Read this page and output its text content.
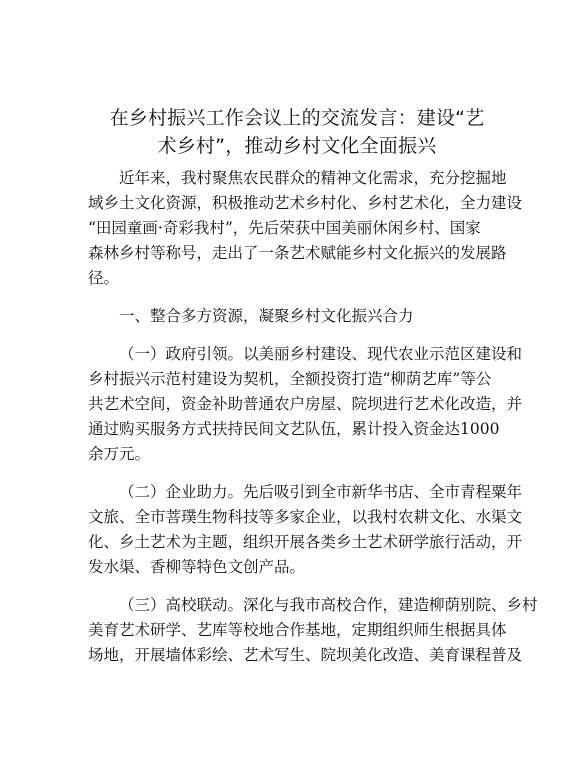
在乡村振兴工作会议上的交流发言：建设“艺
术乡村”，推动乡村文化全面振兴
近年来，我村聚焦农民群众的精神文化需求，充分挖掘地
域乡土文化资源，积极推动艺术乡村化、乡村艺术化，全力建设
“田园童画·奇彩我村”，先后荣获中国美丽休闲乡村、国家
森林乡村等称号，走出了一条艺术赋能乡村文化振兴的发展路
径。
一、整合多方资源，凝聚乡村文化振兴合力
（一）政府引领。以美丽乡村建设、现代农业示范区建设和
乡村振兴示范村建设为契机，全额投资打造“柳荫艺库”等公
共艺术空间，资金补助普通农户房屋、院坝进行艺术化改造，并
通过购买服务方式扶持民间文艺队伍，累计投入资金达1000
余万元。
（二）企业助力。先后吸引到全市新华书店、全市青程粟年
文旅、全市菩璞生物科技等多家企业，以我村农耕文化、水渠文
化、乡土艺术为主题，组织开展各类乡土艺术研学旅行活动，开
发水渠、香柳等特色文创产品。
（三）高校联动。深化与我市高校合作，建造柳荫别院、乡村
美育艺术研学、艺库等校地合作基地，定期组织师生根据具体
场地，开展墙体彩绘、艺术写生、院坝美化改造、美育课程普及
